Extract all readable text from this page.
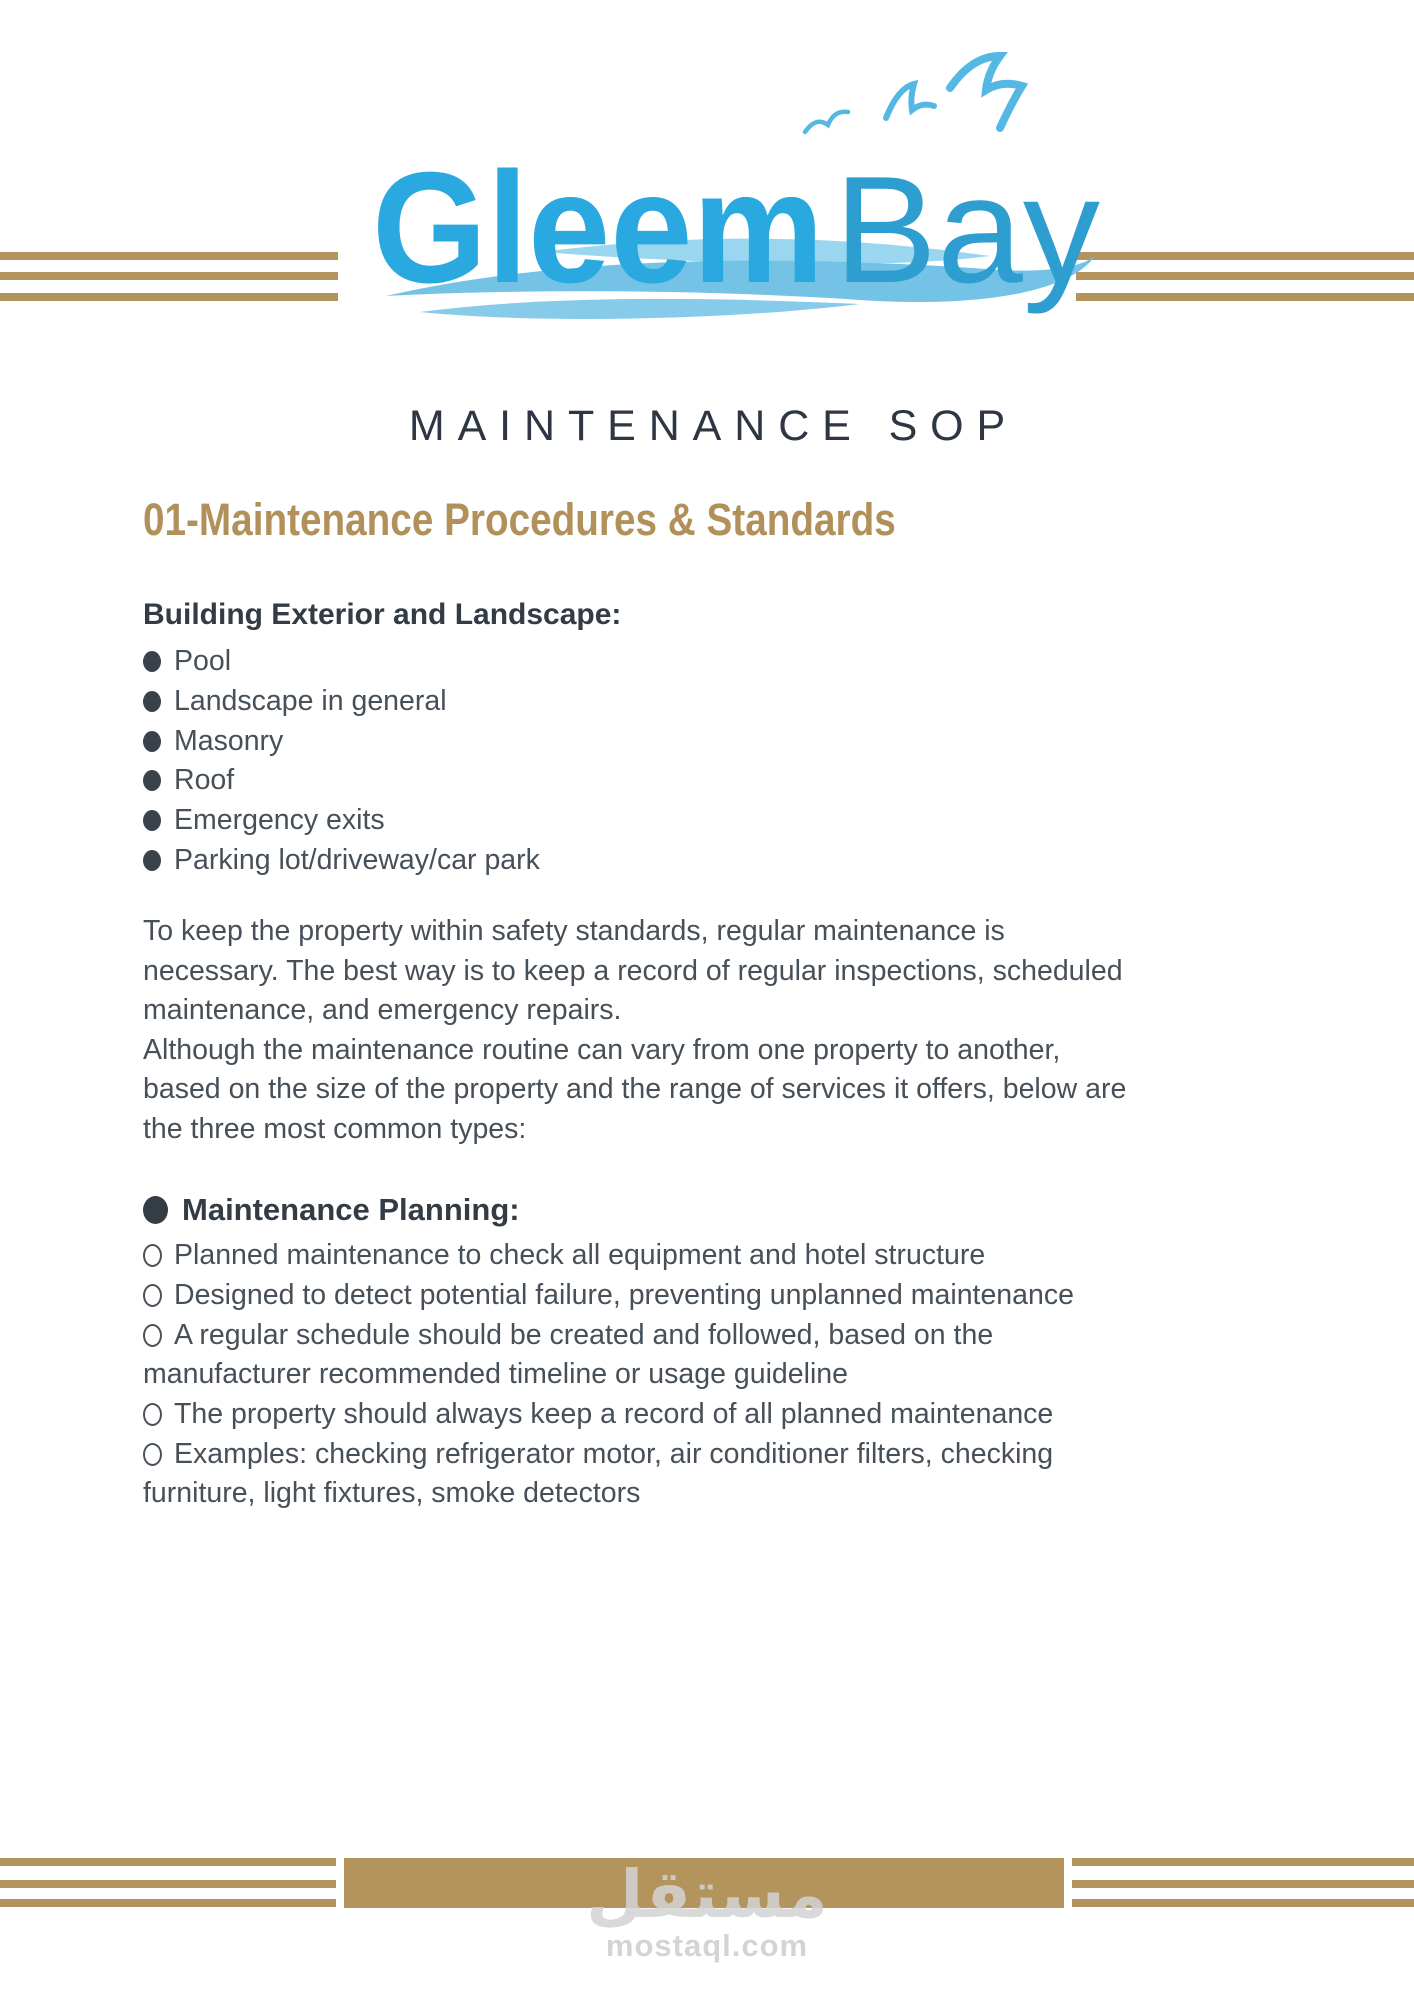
Gleem Bay
MAINTENANCE SOP
01-Maintenance Procedures & Standards
Building Exterior and Landscape:
Pool
Landscape in general
Masonry
Roof
Emergency exits
Parking lot/driveway/car park
To keep the property within safety standards, regular maintenance is
necessary. The best way is to keep a record of regular inspections, scheduled
maintenance, and emergency repairs.
Although the maintenance routine can vary from one property to another,
based on the size of the property and the range of services it offers, below are
the three most common types:
Maintenance Planning:
Planned maintenance to check all equipment and hotel structure
Designed to detect potential failure, preventing unplanned maintenance
A regular schedule should be created and followed, based on the
manufacturer recommended timeline or usage guideline
The property should always keep a record of all planned maintenance
Examples: checking refrigerator motor, air conditioner filters, checking
furniture, light fixtures, smoke detectors
مستقل
mostaql.com
